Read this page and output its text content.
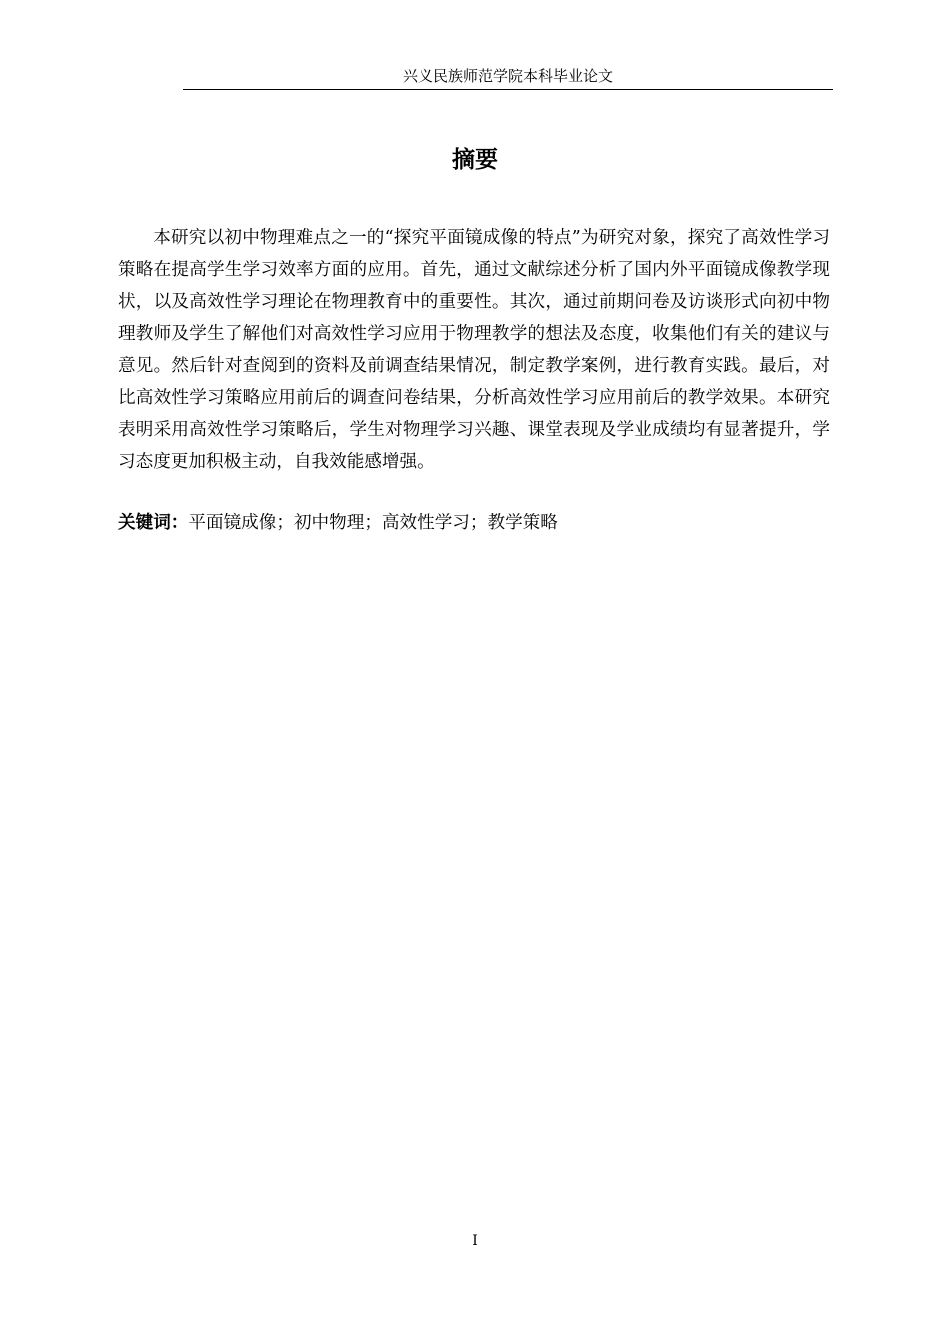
兴义民族师范学院本科毕业论文
摘要

本研究以初中物理难点之一的“探究平面镜成像的特点”为研究对象，探究了高效性学习策略在提高学生学习效率方面的应用。首先，通过文献综述分析了国内外平面镜成像教学现状，以及高效性学习理论在物理教育中的重要性。其次，通过前期问卷及访谈形式向初中物理教师及学生了解他们对高效性学习应用于物理教学的想法及态度，收集他们有关的建议与意见。然后针对查阅到的资料及前调查结果情况，制定教学案例，进行教育实践。最后，对比高效性学习策略应用前后的调查问卷结果，分析高效性学习应用前后的教学效果。本研究表明采用高效性学习策略后，学生对物理学习兴趣、课堂表现及学业成绩均有显著提升，学习态度更加积极主动，自我效能感增强。

关键词：平面镜成像；初中物理；高效性学习；教学策略

I
